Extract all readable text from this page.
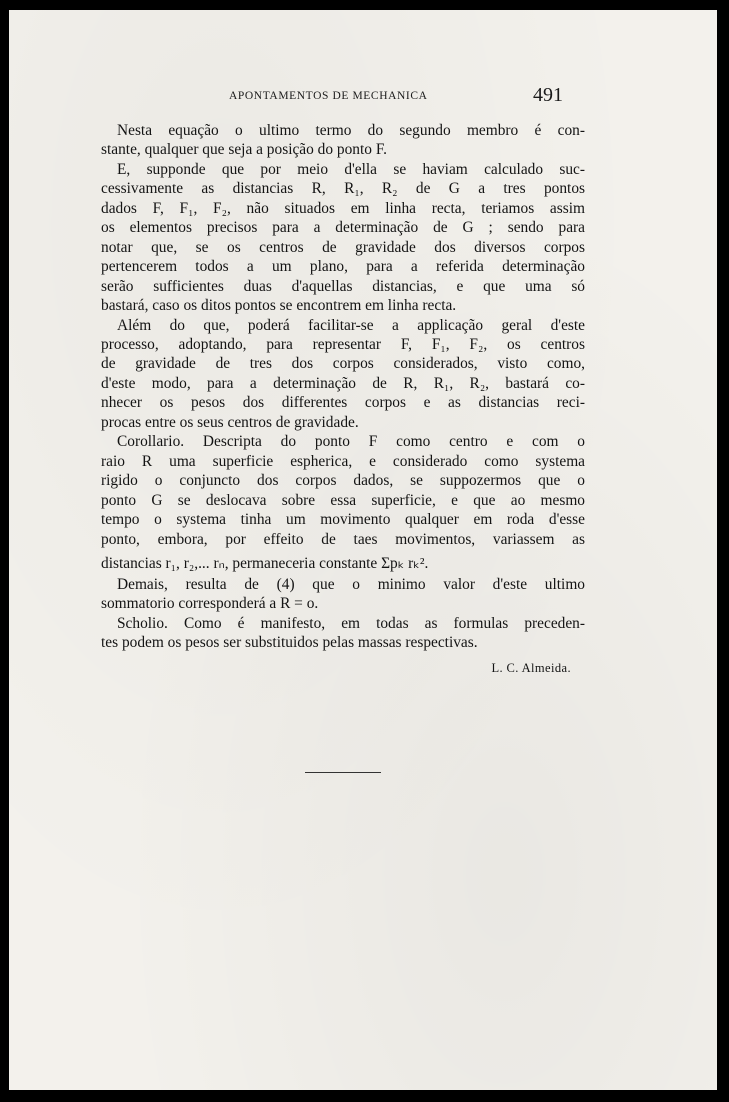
APONTAMENTOS DE MECHANICA	491
Nesta equação o ultimo termo do segundo membro é con-
stante, qualquer que seja a posição do ponto F.
E, supponde que por meio d'ella se haviam calculado suc-
cessivamente as distancias R, R₁, R₂ de G a tres pontos
dados F, F₁, F₂, não situados em linha recta, teriamos assim
os elementos precisos para a determinação de G ; sendo para
notar que, se os centros de gravidade dos diversos corpos
pertencerem todos a um plano, para a referida determinação
serão sufficientes duas d'aquellas distancias, e que uma só
bastará, caso os ditos pontos se encontrem em linha recta.
Além do que, poderá facilitar-se a applicação geral d'este
processo, adoptando, para representar F, F₁, F₂, os centros
de gravidade de tres dos corpos considerados, visto como,
d'este modo, para a determinação de R, R₁, R₂, bastará co-
nhecer os pesos dos differentes corpos e as distancias reci-
procas entre os seus centros de gravidade.
Corollario. Descripta do ponto F como centro e com o
raio R uma superficie espherica, e considerado como systema
rigido o conjuncto dos corpos dados, se suppozermos que o
ponto G se deslocava sobre essa superficie, e que ao mesmo
tempo o systema tinha um movimento qualquer em roda d'esse
ponto, embora, por effeito de taes movimentos, variassem as
distancias r₁, r₂,... rₙ, permaneceria constante Σpₖ rₖ².
Demais, resulta de (4) que o minimo valor d'este ultimo
sommatorio corresponderá a R = o.
Scholio. Como é manifesto, em todas as formulas preceden-
tes podem os pesos ser substituidos pelas massas respectivas.
L. C. Almeida.
